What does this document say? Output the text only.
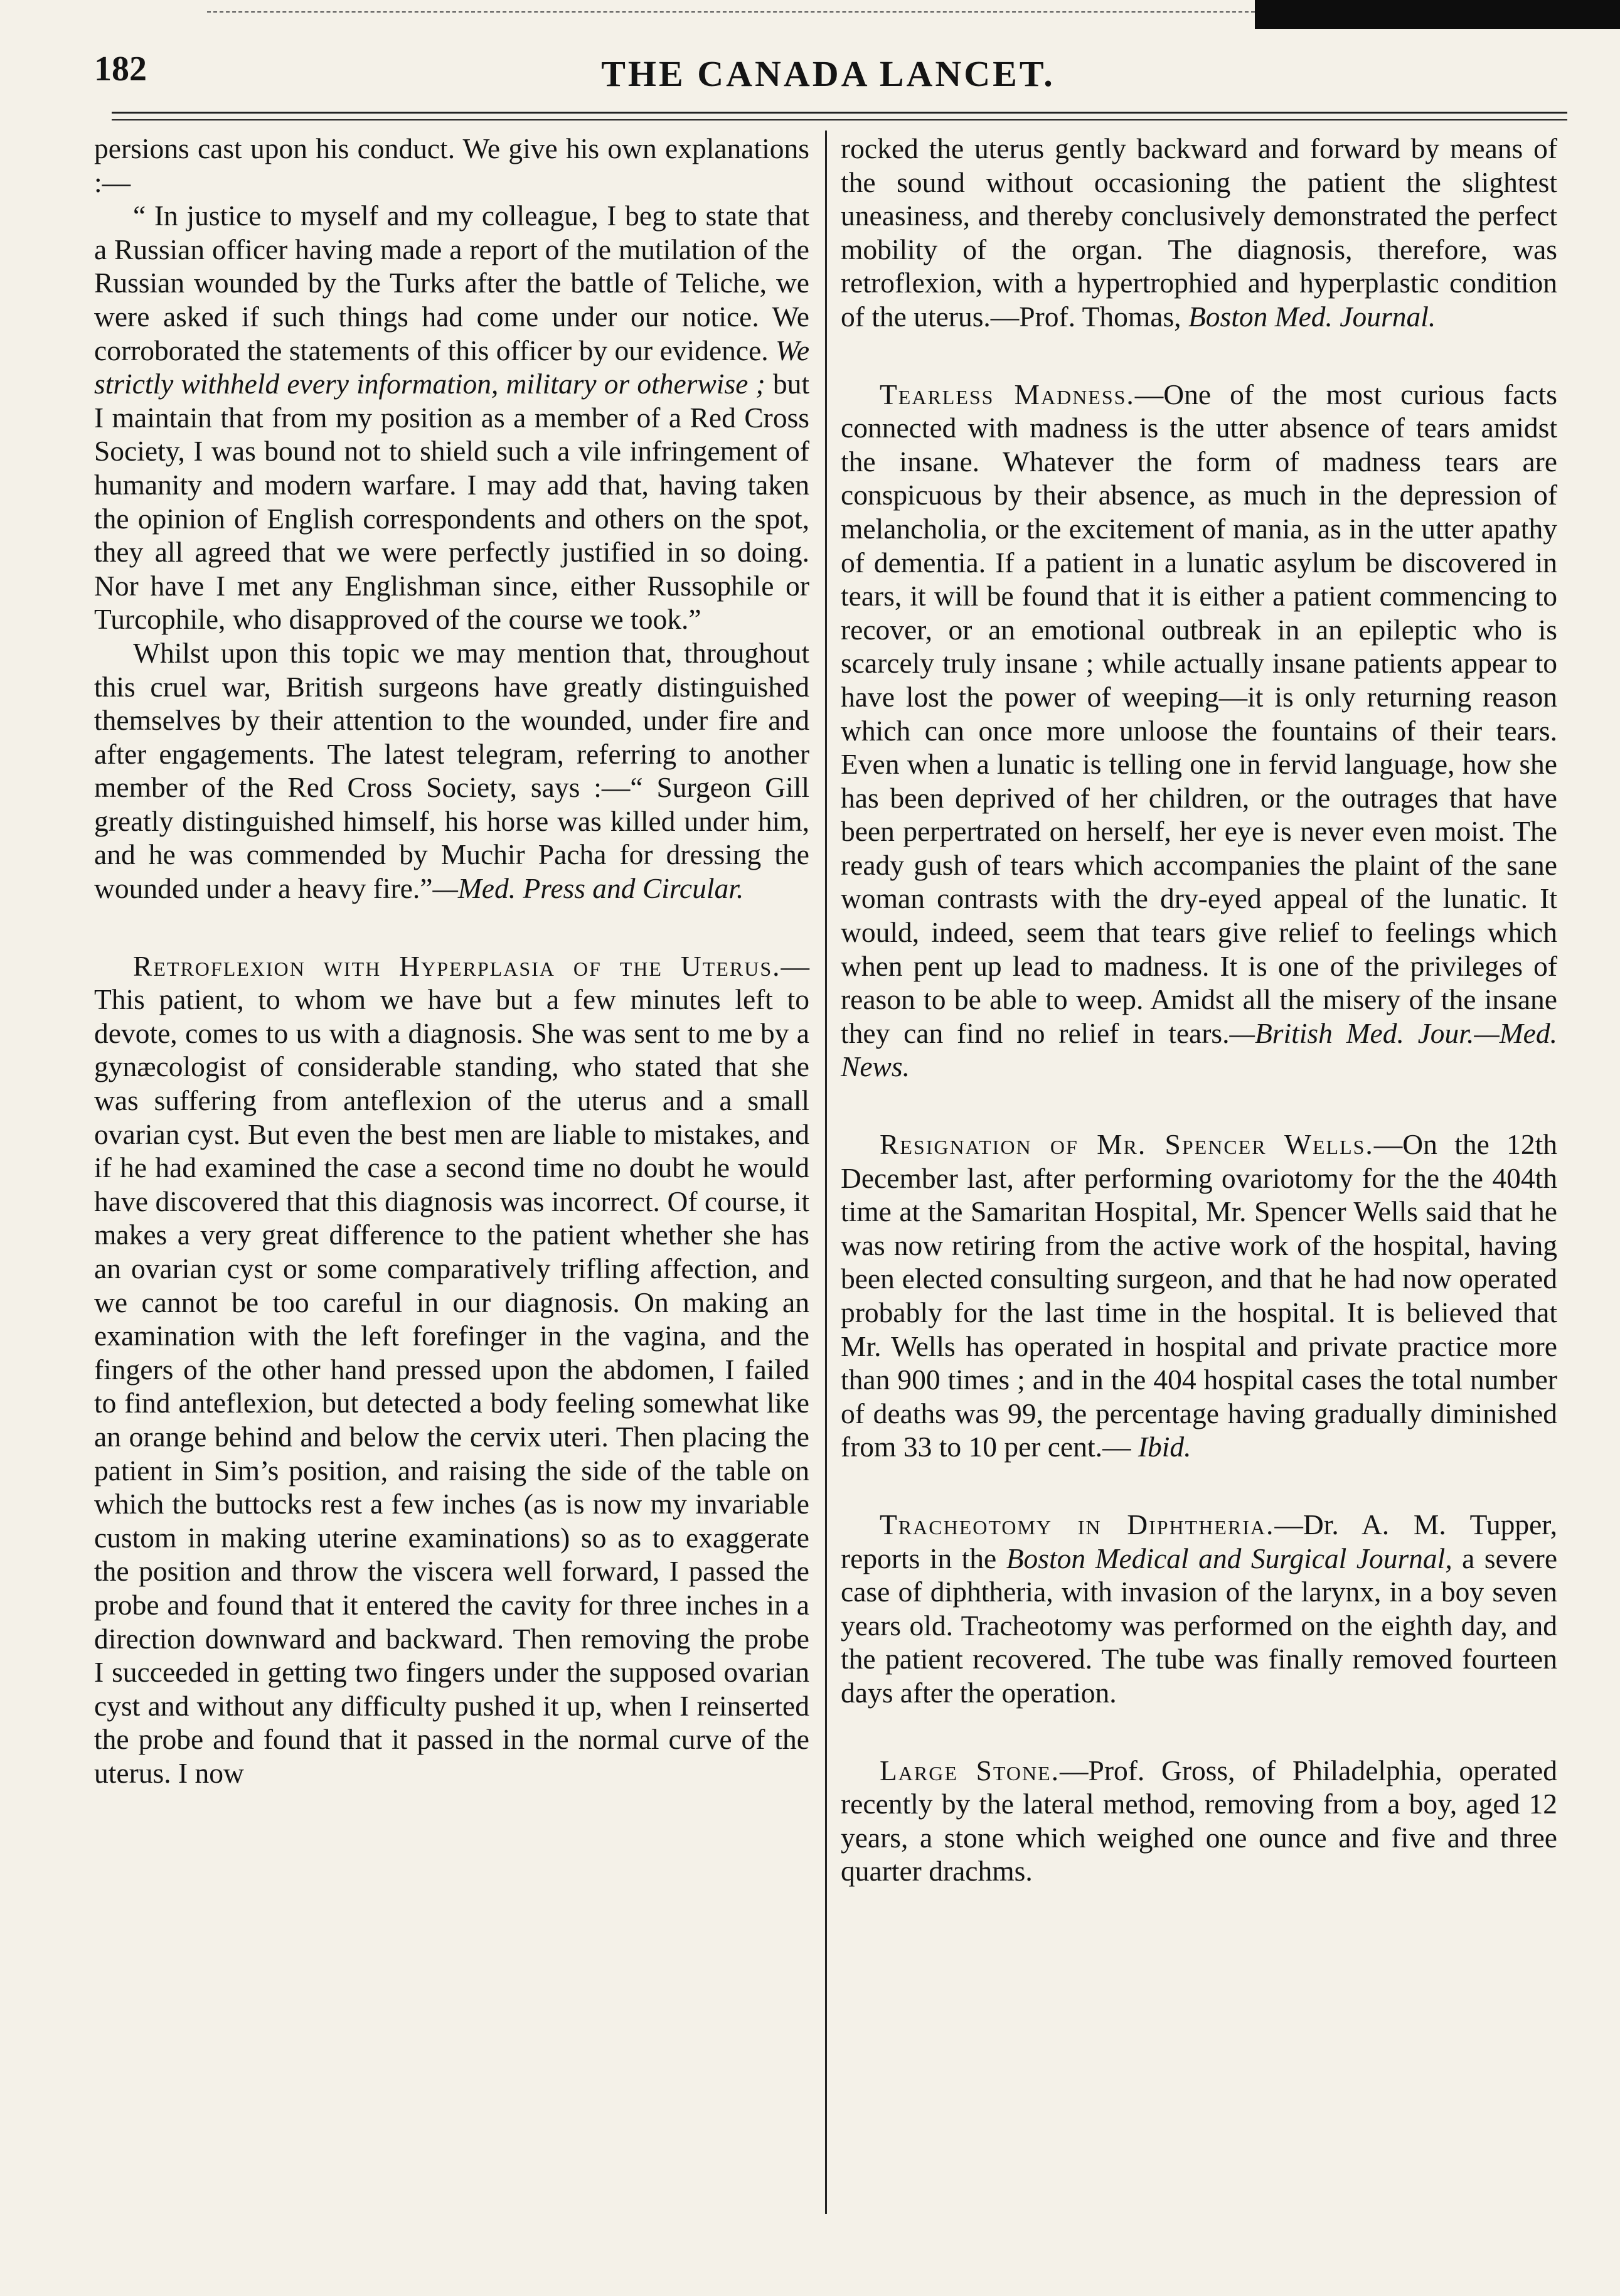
182	THE CANADA LANCET.

persions cast upon his conduct. We give his own explanations :—

“ In justice to myself and my colleague, I beg to state that a Russian officer having made a report of the mutilation of the Russian wounded by the Turks after the battle of Teliche, we were asked if such things had come under our notice. We corroborated the statements of this officer by our evidence. We strictly withheld every information, military or otherwise ; but I maintain that from my position as a member of a Red Cross Society, I was bound not to shield such a vile infringement of humanity and modern warfare. I may add that, having taken the opinion of English correspondents and others on the spot, they all agreed that we were perfectly justified in so doing. Nor have I met any Englishman since, either Russophile or Turcophile, who disapproved of the course we took.”

Whilst upon this topic we may mention that, throughout this cruel war, British surgeons have greatly distinguished themselves by their attention to the wounded, under fire and after engagements. The latest telegram, referring to another member of the Red Cross Society, says :—“ Surgeon Gill greatly distinguished himself, his horse was killed under him, and he was commended by Muchir Pacha for dressing the wounded under a heavy fire.”—Med. Press and Circular.

Retroflexion with Hyperplasia of the Uterus.—This patient, to whom we have but a few minutes left to devote, comes to us with a diagnosis. She was sent to me by a gynæcologist of considerable standing, who stated that she was suffering from anteflexion of the uterus and a small ovarian cyst. But even the best men are liable to mistakes, and if he had examined the case a second time no doubt he would have discovered that this diagnosis was incorrect. Of course, it makes a very great difference to the patient whether she has an ovarian cyst or some comparatively trifling affection, and we cannot be too careful in our diagnosis. On making an examination with the left forefinger in the vagina, and the fingers of the other hand pressed upon the abdomen, I failed to find anteflexion, but detected a body feeling somewhat like an orange behind and below the cervix uteri. Then placing the patient in Sim’s position, and raising the side of the table on which the buttocks rest a few inches (as is now my invariable custom in making uterine examinations) so as to exaggerate the position and throw the viscera well forward, I passed the probe and found that it entered the cavity for three inches in a direction downward and backward. Then removing the probe I succeeded in getting two fingers under the supposed ovarian cyst and without any difficulty pushed it up, when I reinserted the probe and found that it passed in the normal curve of the uterus. I now

rocked the uterus gently backward and forward by means of the sound without occasioning the patient the slightest uneasiness, and thereby conclusively demonstrated the perfect mobility of the organ. The diagnosis, therefore, was retroflexion, with a hypertrophied and hyperplastic condition of the uterus.—Prof. Thomas, Boston Med. Journal.

Tearless Madness.—One of the most curious facts connected with madness is the utter absence of tears amidst the insane. Whatever the form of madness tears are conspicuous by their absence, as much in the depression of melancholia, or the excitement of mania, as in the utter apathy of dementia. If a patient in a lunatic asylum be discovered in tears, it will be found that it is either a patient commencing to recover, or an emotional outbreak in an epileptic who is scarcely truly insane ; while actually insane patients appear to have lost the power of weeping—it is only returning reason which can once more unloose the fountains of their tears. Even when a lunatic is telling one in fervid language, how she has been deprived of her children, or the outrages that have been perpertrated on herself, her eye is never even moist. The ready gush of tears which accompanies the plaint of the sane woman contrasts with the dry-eyed appeal of the lunatic. It would, indeed, seem that tears give relief to feelings which when pent up lead to madness. It is one of the privileges of reason to be able to weep. Amidst all the misery of the insane they can find no relief in tears.—British Med. Jour.—Med. News.

Resignation of Mr. Spencer Wells.—On the 12th December last, after performing ovariotomy for the the 404th time at the Samaritan Hospital, Mr. Spencer Wells said that he was now retiring from the active work of the hospital, having been elected consulting surgeon, and that he had now operated probably for the last time in the hospital. It is believed that Mr. Wells has operated in hospital and private practice more than 900 times ; and in the 404 hospital cases the total number of deaths was 99, the percentage having gradually diminished from 33 to 10 per cent.— Ibid.

Tracheotomy in Diphtheria.—Dr. A. M. Tupper, reports in the Boston Medical and Surgical Journal, a severe case of diphtheria, with invasion of the larynx, in a boy seven years old. Tracheotomy was performed on the eighth day, and the patient recovered. The tube was finally removed fourteen days after the operation.

Large Stone.—Prof. Gross, of Philadelphia, operated recently by the lateral method, removing from a boy, aged 12 years, a stone which weighed one ounce and five and three quarter drachms.
